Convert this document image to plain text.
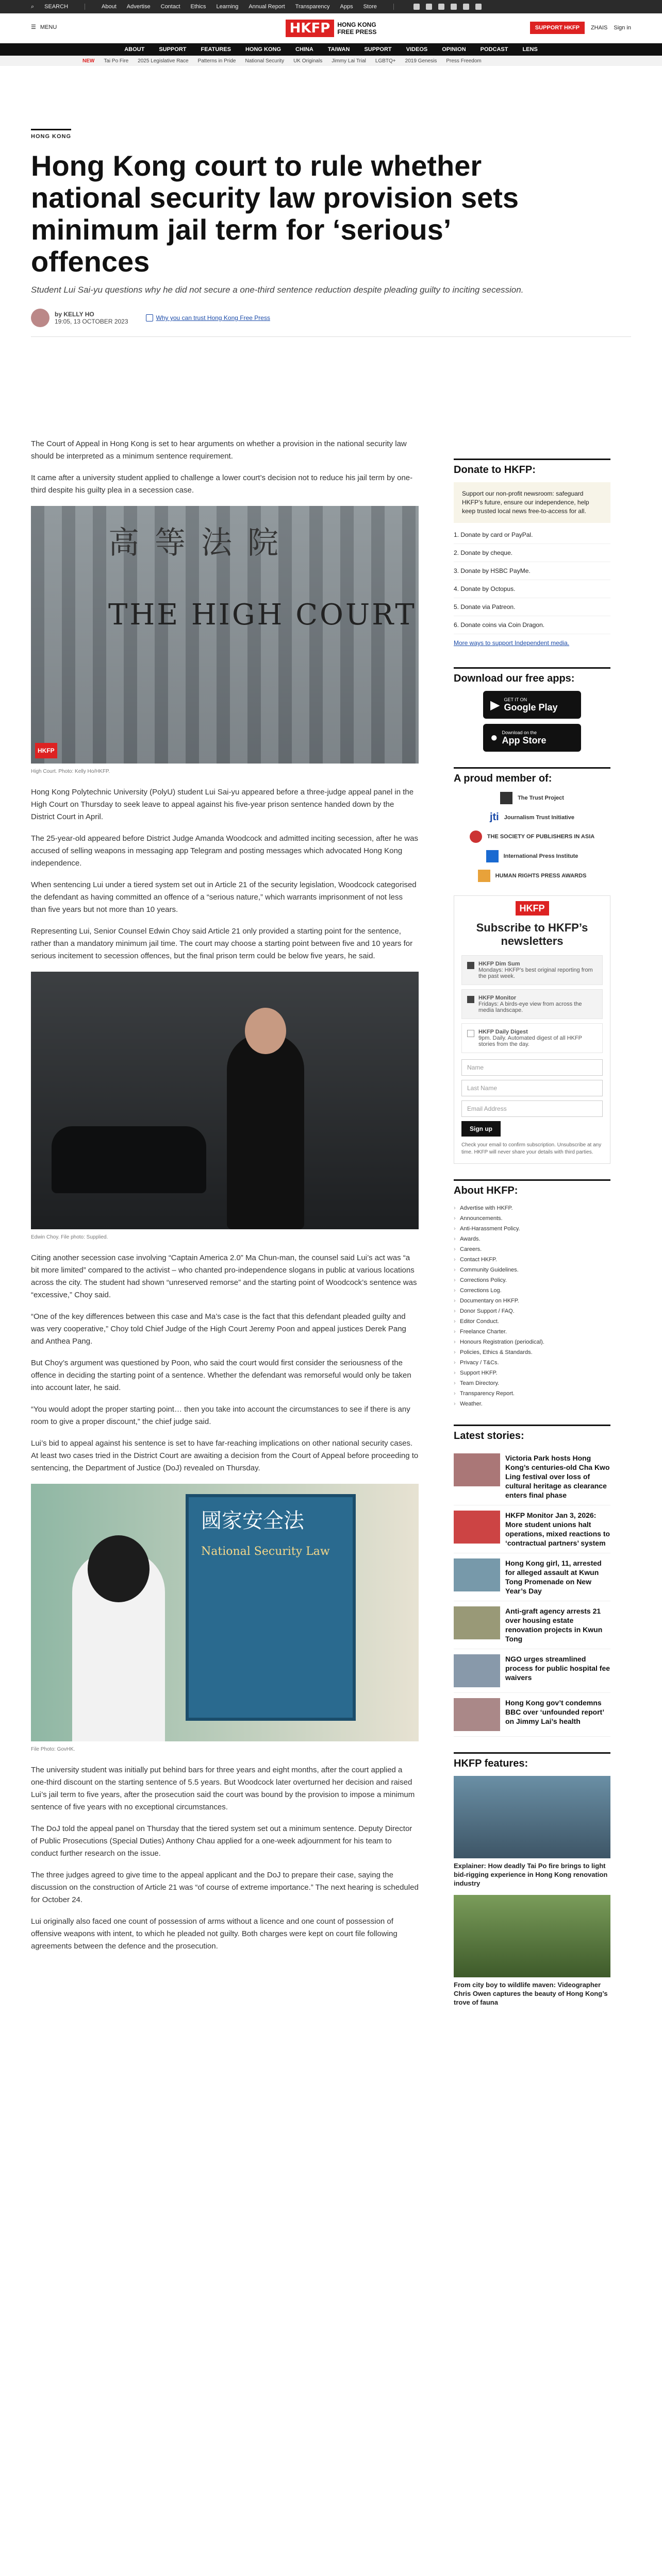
⌕ SEARCH	About Advertise Contact Ethics Learning Annual Report Transparency Apps Store
☰ MENU	HKFP	HONG KONG
FREE PRESS
SUPPORT HKFP	ZHAIS Sign in
ABOUT	SUPPORT	FEATURES	HONG KONG	CHINA	TAIWAN	SUPPORT	VIDEOS	OPINION	PODCAST	LENS
NEW Tai Po Fire 2025 Legislative Race Patterns in Pride National Security UK Originals Jimmy Lai Trial LGBTQ+ 2019 Genesis Press Freedom
HONG KONG
Hong Kong court to rule whether national security law provision sets minimum jail term for ‘serious’ offences

Student Lui Sai-yu questions why he did not secure a one-third sentence reduction despite pleading guilty to inciting secession.

by KELLY HO
19:05, 13 OCTOBER 2023	Why you can trust Hong Kong Free Press

The Court of Appeal in Hong Kong is set to hear arguments on whether a provision in the national security law should be interpreted as a minimum sentence requirement.

It came after a university student applied to challenge a lower court’s decision not to reduce his jail term by one-third despite his guilty plea in a secession case.

高等法院
THE HIGH COURT
HKFP
High Court. Photo: Kelly Ho/HKFP.

Hong Kong Polytechnic University (PolyU) student Lui Sai-yu appeared before a three-judge appeal panel in the High Court on Thursday to seek leave to appeal against his five-year prison sentence handed down by the District Court in April.

The 25-year-old appeared before District Judge Amanda Woodcock and admitted inciting secession, after he was accused of selling weapons in messaging app Telegram and posting messages which advocated Hong Kong independence.

When sentencing Lui under a tiered system set out in Article 21 of the security legislation, Woodcock categorised the defendant as having committed an offence of a “serious nature,” which warrants imprisonment of not less than five years but not more than 10 years.

Representing Lui, Senior Counsel Edwin Choy said Article 21 only provided a starting point for the sentence, rather than a mandatory minimum jail time. The court may choose a starting point between five and 10 years for serious incitement to secession offences, but the final prison term could be below five years, he said.

Edwin Choy. File photo: Supplied.

Citing another secession case involving “Captain America 2.0” Ma Chun-man, the counsel said Lui’s act was “a bit more limited” compared to the activist – who chanted pro-independence slogans in public at various locations across the city. The student had shown “unreserved remorse” and the starting point of Woodcock’s sentence was “excessive,” Choy said.

“One of the key differences between this case and Ma’s case is the fact that this defendant pleaded guilty and was very cooperative,” Choy told Chief Judge of the High Court Jeremy Poon and appeal justices Derek Pang and Anthea Pang.

But Choy’s argument was questioned by Poon, who said the court would first consider the seriousness of the offence in deciding the starting point of a sentence. Whether the defendant was remorseful would only be taken into account later, he said.

“You would adopt the proper starting point… then you take into account the circumstances to see if there is any room to give a proper discount,” the chief judge said.

Lui’s bid to appeal against his sentence is set to have far-reaching implications on other national security cases. At least two cases tried in the District Court are awaiting a decision from the Court of Appeal before proceeding to sentencing, the Department of Justice (DoJ) revealed on Thursday.

國家安全法
National Security Law
File Photo: GovHK.

The university student was initially put behind bars for three years and eight months, after the court applied a one-third discount on the starting sentence of 5.5 years. But Woodcock later overturned her decision and raised Lui’s jail term to five years, after the prosecution said the court was bound by the provision to impose a minimum sentence of five years with no exceptional circumstances.

The DoJ told the appeal panel on Thursday that the tiered system set out a minimum sentence. Deputy Director of Public Prosecutions (Special Duties) Anthony Chau applied for a one-week adjournment for his team to conduct further research on the issue.

The three judges agreed to give time to the appeal applicant and the DoJ to prepare their case, saying the discussion on the construction of Article 21 was “of course of extreme importance.” The next hearing is scheduled for October 24.

Lui originally also faced one count of possession of arms without a licence and one count of possession of offensive weapons with intent, to which he pleaded not guilty. Both charges were kept on court file following agreements between the defence and the prosecution.

Donate to HKFP:
Support our non-profit newsroom: safeguard HKFP’s future, ensure our independence, help keep trusted local news free-to-access for all.
1. Donate by card or PayPal.
2. Donate by cheque.
3. Donate by HSBC PayMe.
4. Donate by Octopus.
5. Donate via Patreon.
6. Donate coins via Coin Dragon.
More ways to support Independent media.
Download our free apps:
▶ GET IT ON
Google Play
● Download on the
App Store
A proud member of:
The Trust Project
jti Journalism Trust Initiative
THE SOCIETY OF PUBLISHERS IN ASIA
International Press Institute
HUMAN RIGHTS PRESS AWARDS
HKFP
Subscribe to HKFP’s newsletters
HKFP Dim Sum
Mondays: HKFP’s best original reporting from the past week.
HKFP Monitor
Fridays: A birds-eye view from across the media landscape.
HKFP Daily Digest
9pm. Daily. Automated digest of all HKFP stories from the day.
Name
Last Name
Email Address
Sign up

Check your email to confirm subscription. Unsubscribe at any time. HKFP will never share your details with third parties.

About HKFP:
› Advertise with HKFP.
› Announcements.
› Anti-Harassment Policy.
› Awards.
› Careers.
› Contact HKFP.
› Community Guidelines.
› Corrections Policy.
› Corrections Log.
› Documentary on HKFP.
› Donor Support / FAQ.
› Editor Conduct.
› Freelance Charter.
› Honours Registration (periodical).
› Policies, Ethics & Standards.
› Privacy / T&Cs.
› Support HKFP.
› Team Directory.
› Transparency Report.
› Weather.
Latest stories:
Victoria Park hosts Hong Kong’s centuries-old Cha Kwo Ling festival over loss of cultural heritage as clearance enters final phase
HKFP Monitor Jan 3, 2026: More student unions halt operations, mixed reactions to ‘contractual partners’ system
Hong Kong girl, 11, arrested for alleged assault at Kwun Tong Promenade on New Year’s Day
Anti-graft agency arrests 21 over housing estate renovation projects in Kwun Tong
NGO urges streamlined process for public hospital fee waivers
Hong Kong gov’t condemns BBC over ‘unfounded report’ on Jimmy Lai’s health
HKFP features:
Explainer: How deadly Tai Po fire brings to light bid-rigging experience in Hong Kong renovation industry
From city boy to wildlife maven: Videographer Chris Owen captures the beauty of Hong Kong’s trove of fauna
